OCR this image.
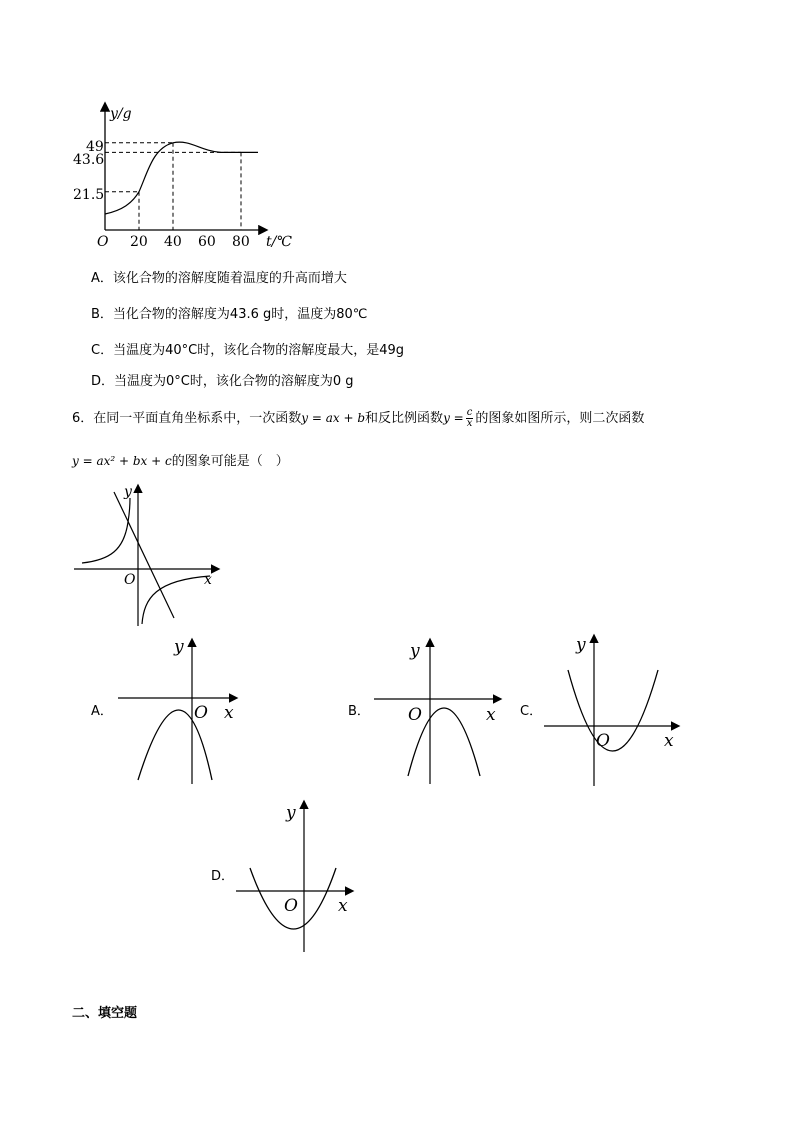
y/g
O	t/℃
49
43.6
21.5
20 40 60 80
A．该化合物的溶解度随着温度的升高而增大
B．当化合物的溶解度为43.6 g时，温度为80℃
C．当温度为40°C时，该化合物的溶解度最大，是49g
D．当温度为0°C时，该化合物的溶解度为0 g
6．在同一平面直角坐标系中，一次函数y = ax + b和反比例函数$y = \frac{c}{x}$ 的图象如图所示，则二次函数
y = ax² + bx + c的图象可能是（　）
y
x
O
A．
y
x
O	B．
y
x
O	C．
y
x
O
D．
y
x
O
二、填空题
